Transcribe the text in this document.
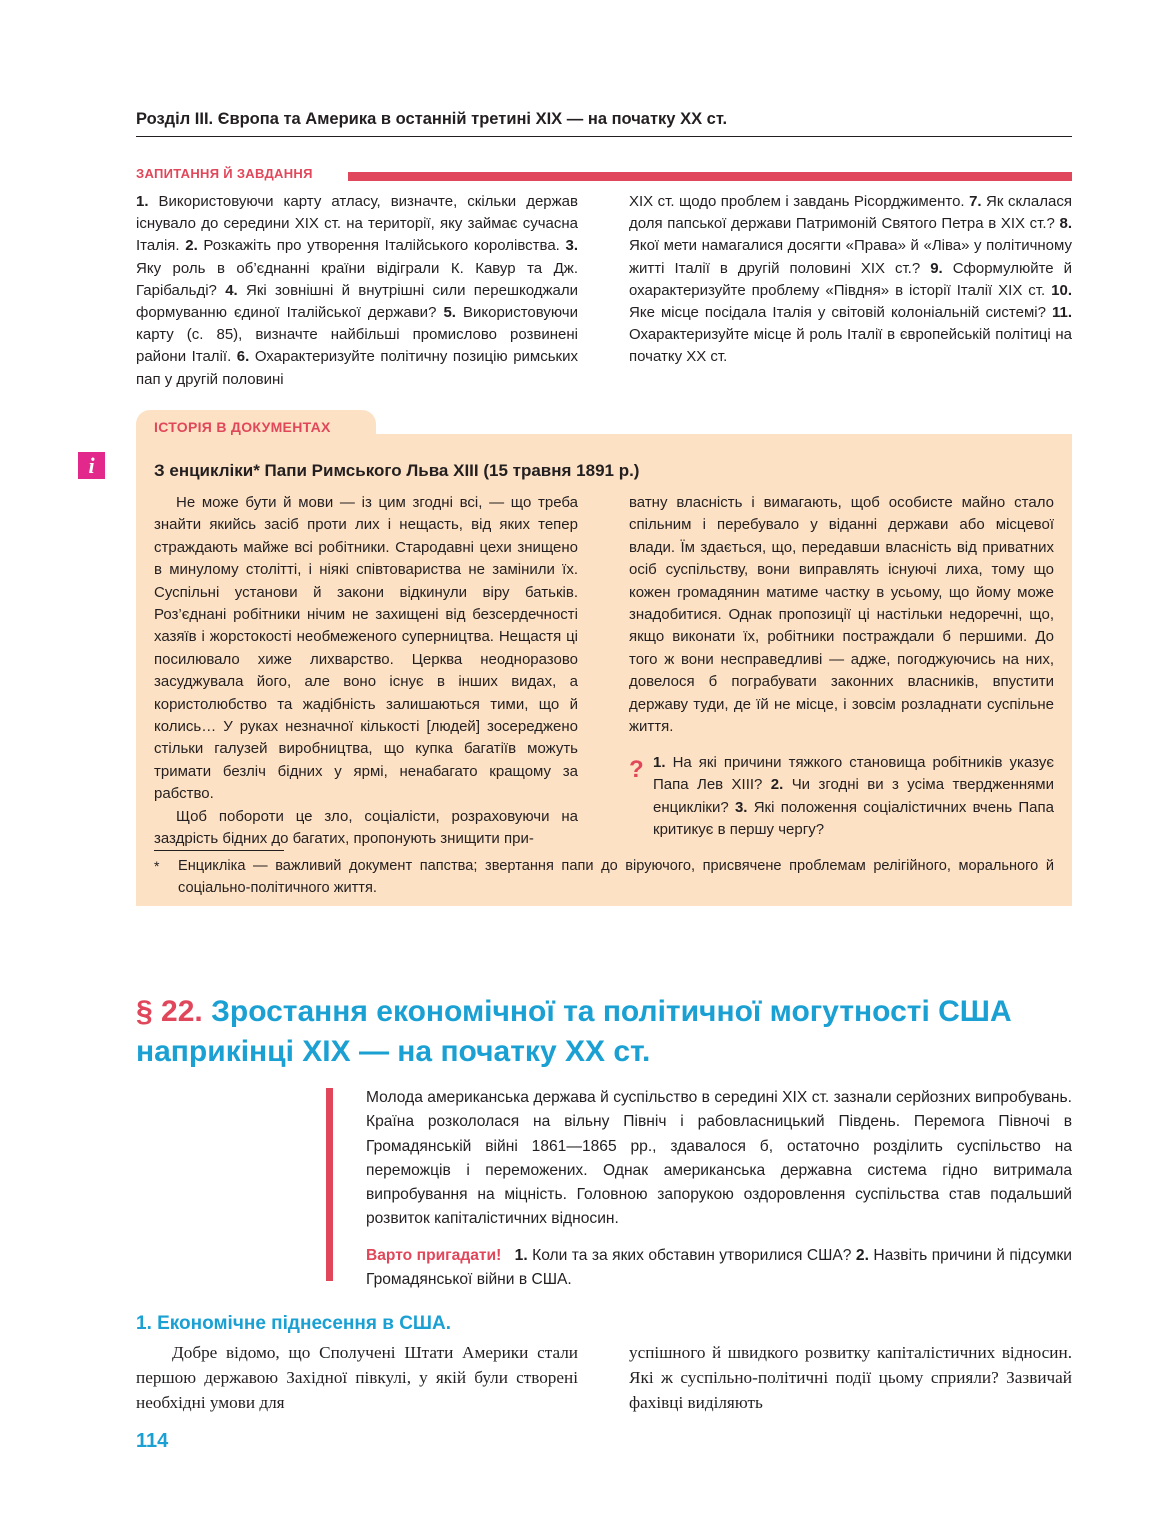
Розділ ІІІ. Європа та Америка в останній третині ХІХ — на початку ХХ ст.
ЗАПИТАННЯ Й ЗАВДАННЯ
1. Використовуючи карту атласу, визначте, скільки держав існувало до середини ХІХ ст. на території, яку займає сучасна Італія. 2. Розкажіть про утворення Італійського королівства. 3. Яку роль в об’єднанні країни відіграли К. Кавур та Дж. Гарібальді? 4. Які зовнішні й внутрішні сили перешкоджали формуванню єдиної Італійської держави? 5. Використовуючи карту (с. 85), визначте найбільші промислово розвинені райони Італії. 6. Охарактеризуйте політичну позицію римських пап у другій половині
ХІХ ст. щодо проблем і завдань Рісорджименто. 7. Як склалася доля папської держави Патримоній Святого Петра в ХІХ ст.? 8. Якої мети намагалися досягти «Права» й «Ліва» у політичному житті Італії в другій половині ХІХ ст.? 9. Сформулюйте й охарактеризуйте проблему «Півдня» в історії Італії ХІХ ст. 10. Яке місце посідала Італія у світовій колоніальній системі? 11. Охарактеризуйте місце й роль Італії в європейській політиці на початку ХХ ст.
ІСТОРІЯ В ДОКУМЕНТАХ
i	З енцикліки* Папи Римського Льва XIII (15 травня 1891 р.)

Не може бути й мови — із цим згодні всі, — що треба знайти якийсь засіб проти лих і нещасть, від яких тепер страждають майже всі робітники. Стародавні цехи знищено в минулому столітті, і ніякі співтовариства не замінили їх. Суспільні установи й закони відкинули віру батьків. Роз’єднані робітники нічим не захищені від безсердечності хазяїв і жорстокості необмеженого суперництва. Нещастя ці посилювало хиже лихварство. Церква неодноразово засуджувала його, але воно існує в інших видах, а користолюбство та жадібність залишаються тими, що й колись… У руках незначної кількості [людей] зосереджено стільки галузей виробництва, що купка багатіїв можуть тримати безліч бідних у ярмі, ненабагато кращому за рабство.

Щоб побороти це зло, соціалісти, розраховуючи на заздрість бідних до багатих, пропонують знищити при-

ватну власність і вимагають, щоб особисте майно стало спільним і перебувало у віданні держави або місцевої влади. Їм здається, що, передавши власність від приватних осіб суспільству, вони виправлять існуючі лиха, тому що кожен громадянин матиме частку в усьому, що йому може знадобитися. Однак пропозиції ці настільки недоречні, що, якщо виконати їх, робітники постраждали б першими. До того ж вони несправедливі — адже, погоджуючись на них, довелося б пограбувати законних власників, впустити державу туди, де їй не місце, і зовсім розладнати суспільне життя.

? 1. На які причини тяжкого становища робітників указує Папа Лев XIII? 2. Чи згодні ви з усіма твердженнями енцикліки? 3. Які положення соціалістичних вчень Папа критикує в першу чергу?
* Енцикліка — важливий документ папства; звертання папи до віруючого, присвячене проблемам релігійного, морального й соціально-політичного життя.
§ 22. Зростання економічної та політичної могутності США наприкінці XIX — на початку XX ст.
Молода американська держава й суспільство в середині XIX ст. зазнали серйозних випробувань. Країна розкололася на вільну Північ і рабовласницький Південь. Перемога Півночі в Громадянській війні 1861—1865 рр., здавалося б, остаточно розділить суспільство на переможців і переможених. Однак американська державна система гідно витримала випробування на міцність. Головною запорукою оздоровлення суспільства став подальший розвиток капіталістичних відносин.
Варто пригадати! 1. Коли та за яких обставин утворилися США? 2. Назвіть причини й підсумки Громадянської війни в США.
1. Економічне піднесення в США.

Добре відомо, що Сполучені Штати Америки стали першою державою Західної півкулі, у якій були створені необхідні умови для

успішного й швидкого розвитку капіталістичних відносин. Які ж суспільно-політичні події цьому сприяли? Зазвичай фахівці виділяють
114
